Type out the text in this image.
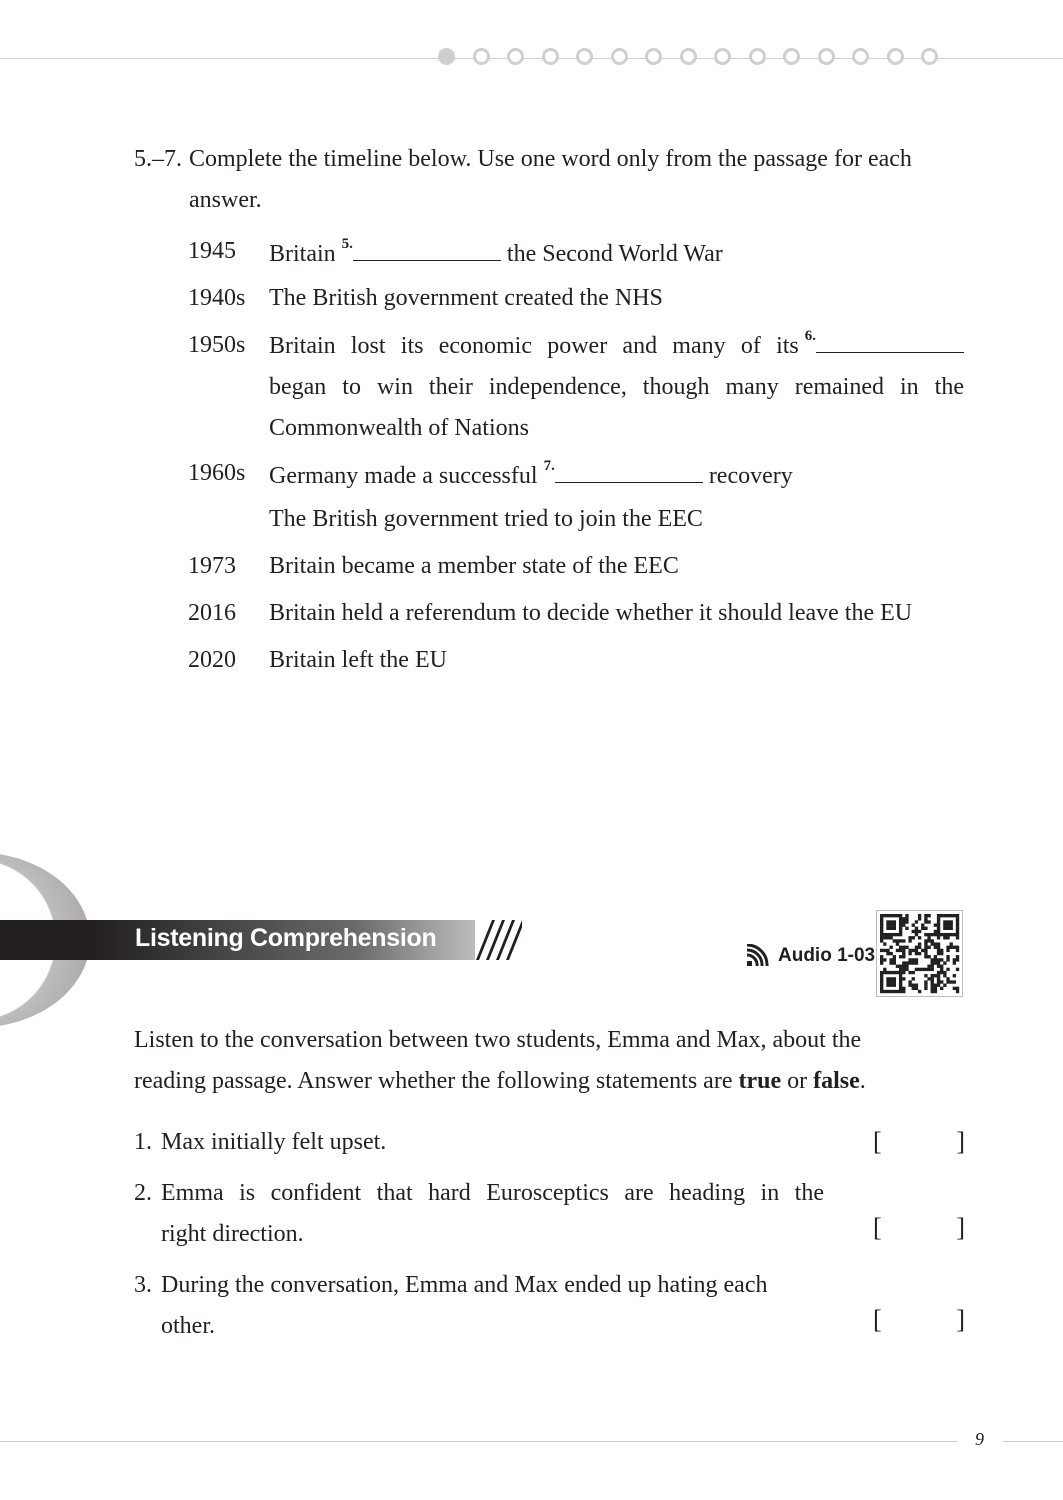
5.–7. Complete the timeline below. Use one word only from the passage for each
answer.
1945 Britain $^{5.}$	the Second World War
1940s The British government created the NHS
1950s Britain lost its economic power and many of its $^{6.}$
began to win their independence, though many remained in the
Commonwealth of Nations
1960s Germany made a successful $^{7.}$	recovery
The British government tried to join the EEC
1973 Britain became a member state of the EEC
2016 Britain held a referendum to decide whether it should leave the EU
2020 Britain left the EU
Listening Comprehension
Audio 1-03
Listen to the conversation between two students, Emma and Max, about the
reading passage. Answer whether the following statements are true or false.
1. Max initially felt upset.	[	]
2. Emma is confident that hard Eurosceptics are heading in the
right direction.	[	]
3. During the conversation, Emma and Max ended up hating each
other.	[	]
9
